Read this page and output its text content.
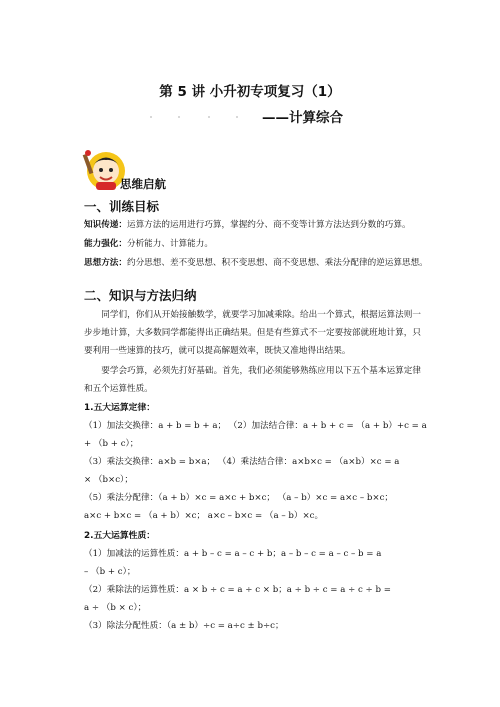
第 5 讲 小升初专项复习（1）
——计算综合
思维启航
一、训练目标
知识传递：运算方法的运用进行巧算，掌握约分、商不变等计算方法达到分数的巧算。
能力强化：分析能力、计算能力。
思想方法：约分思想、差不变思想、积不变思想、商不变思想、乘法分配律的逆运算思想。
二、知识与方法归纳
同学们，你们从开始接触数学，就要学习加减乘除。给出一个算式，根据运算法则一步步地计算，大多数同学都能得出正确结果。但是有些算式不一定要按部就班地计算，只要利用一些速算的技巧，就可以提高解题效率，既快又准地得出结果。
要学会巧算，必须先打好基础。首先，我们必须能够熟练应用以下五个基本运算定律和五个运算性质。
1.五大运算定律：
（1）加法交换律：a + b = b + a； （2）加法结合律：a + b + c = （a + b）+c = a
+ （b + c）；
（3）乘法交换律：a×b = b×a； （4）乘法结合律：a×b×c = （a×b）×c = a
× （b×c）；
（5）乘法分配律：（a + b）×c = a×c + b×c； （a – b）×c = a×c – b×c；
a×c + b×c = （a + b）×c； a×c – b×c = （a – b）×c。
2.五大运算性质：
（1）加减法的运算性质：a + b – c = a – c + b；a – b – c = a – c – b = a
– （b + c）；
（2）乘除法的运算性质：a × b ÷ c = a ÷ c × b；a ÷ b ÷ c = a ÷ c ÷ b =
a ÷ （b × c）；
（3）除法分配性质：（a ± b）÷c = a÷c ± b÷c；
